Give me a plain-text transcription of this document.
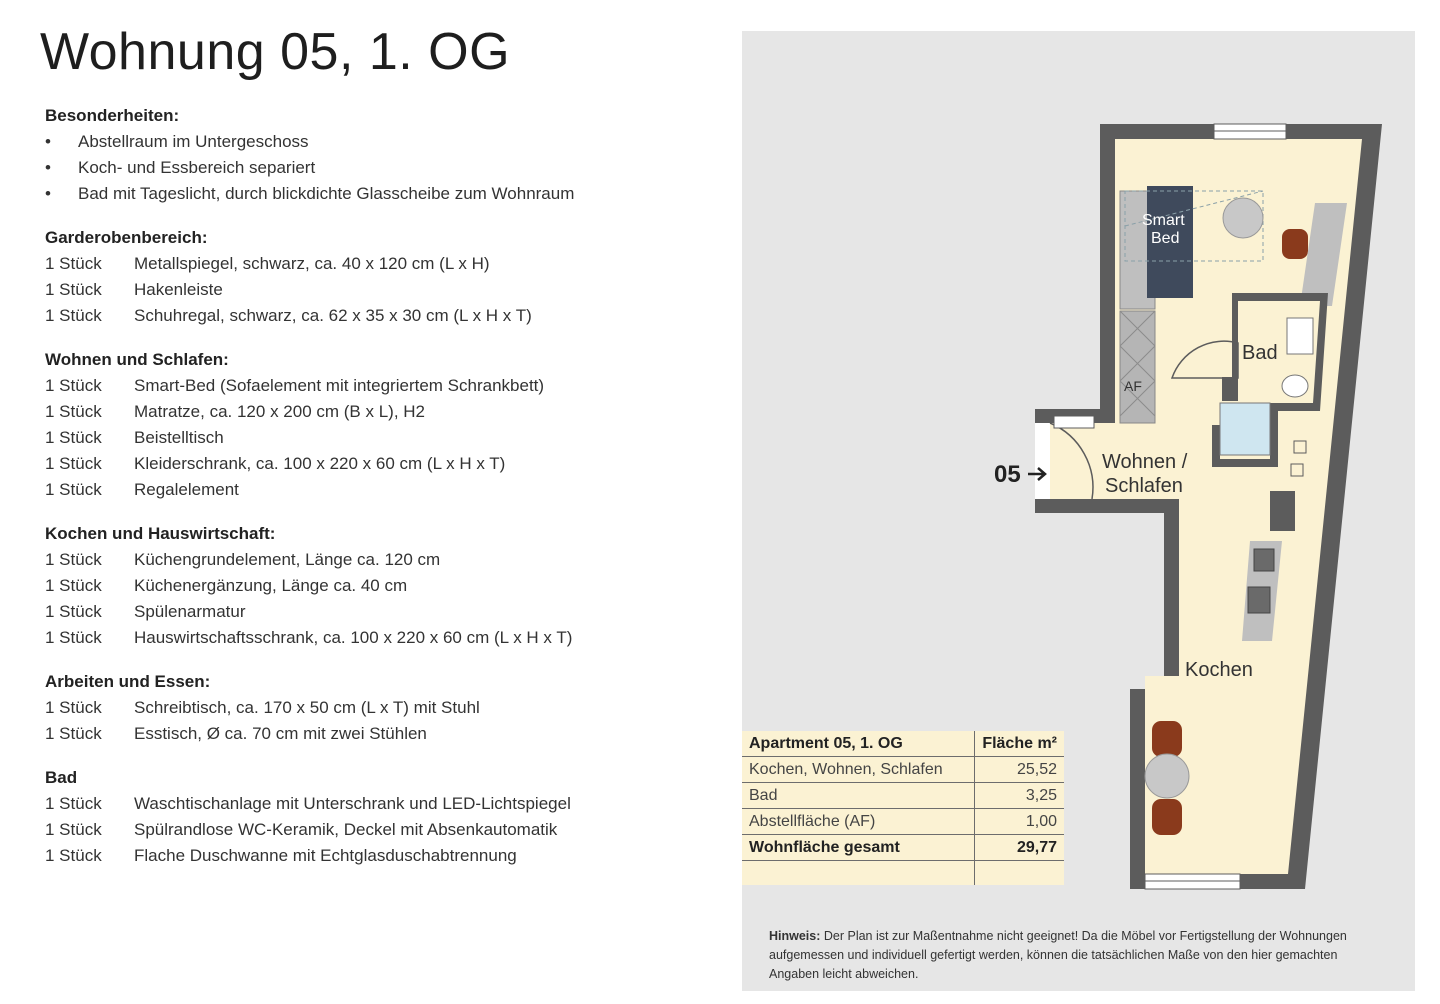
Wohnung 05, 1. OG
Besonderheiten:
• Abstellraum im Untergeschoss
• Koch- und Essbereich separiert
• Bad mit Tageslicht, durch blickdichte Glasscheibe zum Wohnraum
Garderobenbereich:
1 Stück Metallspiegel, schwarz, ca. 40 x 120 cm (L x H)
1 Stück Hakenleiste
1 Stück Schuhregal, schwarz, ca. 62 x 35 x 30 cm (L x H x T)
Wohnen und Schlafen:
1 Stück Smart-Bed (Sofaelement mit integriertem Schrankbett)
1 Stück Matratze, ca. 120 x 200 cm (B x L), H2
1 Stück Beistelltisch
1 Stück Kleiderschrank, ca. 100 x 220 x 60 cm (L x H x T)
1 Stück Regalelement
Kochen und Hauswirtschaft:
1 Stück Küchengrundelement, Länge ca. 120 cm
1 Stück Küchenergänzung, Länge ca. 40 cm
1 Stück Spülenarmatur
1 Stück Hauswirtschaftsschrank, ca. 100 x 220 x 60 cm (L x H x T)
Arbeiten und Essen:
1 Stück Schreibtisch, ca. 170 x 50 cm (L x T) mit Stuhl
1 Stück Esstisch, Ø ca. 70 cm mit zwei Stühlen
Bad
1 Stück Waschtischanlage mit Unterschrank und LED-Lichtspiegel
1 Stück Spülrandlose WC-Keramik, Deckel mit Absenkautomatik
1 Stück Flache Duschwanne mit Echtglasduschabtrennung
Smart
Bed
Bad
AF
05	Wohnen /
Schlafen
Kochen
Apartment 05, 1. OG	Fläche m²
Kochen, Wohnen, Schlafen	25,52
Bad	3,25
Abstellfläche (AF)	1,00
Wohnfläche gesamt	29,77
Hinweis: Der Plan ist zur Maßentnahme nicht geeignet! Da die Möbel vor Fertigstellung der Wohnungen aufgemessen und individuell gefertigt werden, können die tatsächlichen Maße von den hier gemachten Angaben leicht abweichen.
